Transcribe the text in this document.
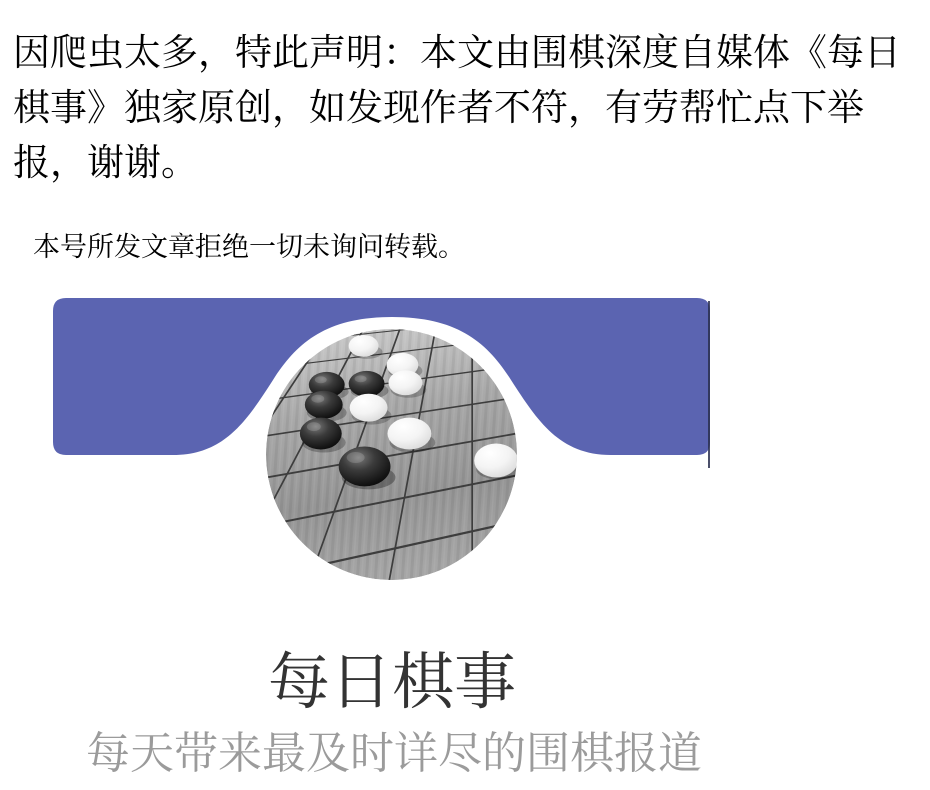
因爬虫太多，特此声明：本文由围棋深度自媒体《每日
棋事》独家原创，如发现作者不符，有劳帮忙点下举
报，谢谢。
本号所发文章拒绝一切未询问转载。
每日棋事
每天带来最及时详尽的围棋报道
